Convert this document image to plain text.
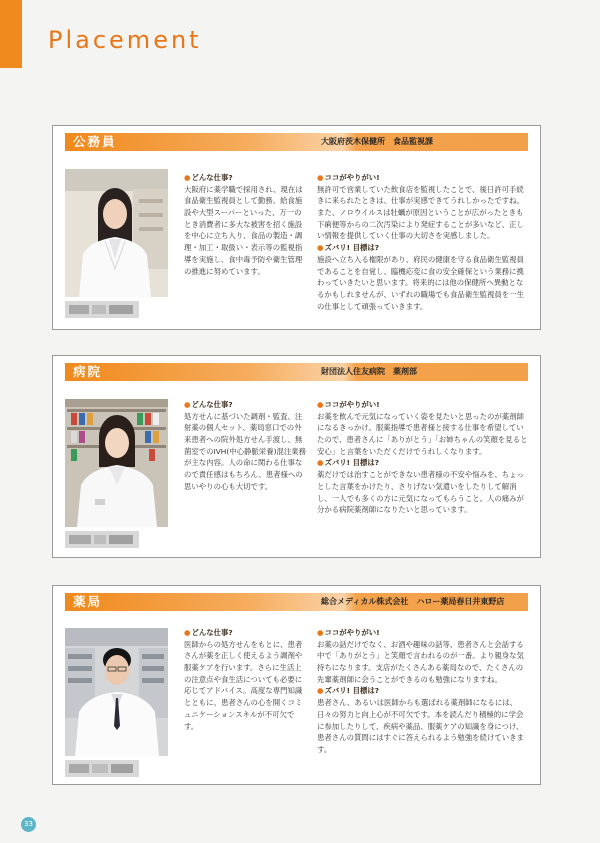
Placement
公務員	大阪府茨木保健所　食品監視課
● どんな仕事?

大阪府に薬学職で採用され、現在は食品衛生監視員として勤務。給食施設や大型スーパーといった、万一のとき消費者に多大な被害を招く施設を中心に立ち入り、食品の製造・調理・加工・取扱い・表示等の監視指導を実施し、食中毒予防や衛生管理の推進に努めています。

● ココがやりがい!

無許可で営業していた飲食店を監視したことで、後日許可手続きに来られたときは、仕事が実感できてうれしかったですね。また、ノロウイルスは牡蠣が原因ということが広がったときも下痢便等からの二次汚染により発症することが多いなど、正しい情報を提供していく仕事の大切さを実感しました。

● ズバリ! 目標は?

施設へ立ち入る権限があり、府民の健康を守る食品衛生監視員であることを自覚し、臨機応変に食の安全確保という業務に携わっていきたいと思います。将来的には他の保健所へ異動となるかもしれませんが、いずれの職場でも食品衛生監視員を一生の仕事として頑張っていきます。

病院	財団法人住友病院　薬剤部
● どんな仕事?

処方せんに基づいた調剤・監査、注射薬の個人セット、薬局窓口での外来患者への院外処方せん手渡し、無菌室でのIVH(中心静脈栄養)混注業務が主な内容。人の命に関わる仕事なので責任感はもちろん、患者様への思いやりの心も大切です。

● ココがやりがい!

お薬を飲んで元気になっていく姿を見たいと思ったのが薬剤師になるきっかけ。服薬指導で患者様と接する仕事を希望していたので、患者さんに「ありがとう」「お姉ちゃんの笑顔を見ると安心」と言葉をいただくだけでうれしくなります。

● ズバリ! 目標は?

薬だけでは治すことができない患者様の不安や悩みを、ちょっとした言葉をかけたり、さりげない気遣いをしたりして解消し、一人でも多くの方に元気になってもらうこと。人の痛みが分かる病院薬剤師になりたいと思っています。

薬局	総合メディカル株式会社　ハロー薬局春日井東野店
● どんな仕事?

医師からの処方せんをもとに、患者さんが薬を正しく使えるよう調剤や服薬ケアを行います。さらに生活上の注意点や食生活についても必要に応じてアドバイス。高度な専門知識とともに、患者さんの心を開くコミュニケーションスキルが不可欠です。

● ココがやりがい!

お薬の話だけでなく、お酒や趣味の話等、患者さんと会話する中で「ありがとう」と笑顔で言われるのが一番。より親身な気持ちになります。支店がたくさんある薬局なので、たくさんの先輩薬剤師に会うことができるのも勉強になりますね。

● ズバリ! 目標は?

患者さん、あるいは医師からも選ばれる薬剤師になるには、日々の努力と向上心が不可欠です。本を読んだり積極的に学会に参加したりして、疾病や薬品、服薬ケアの知識を身につけ、患者さんの質問にはすぐに答えられるよう勉強を続けていきます。

33
